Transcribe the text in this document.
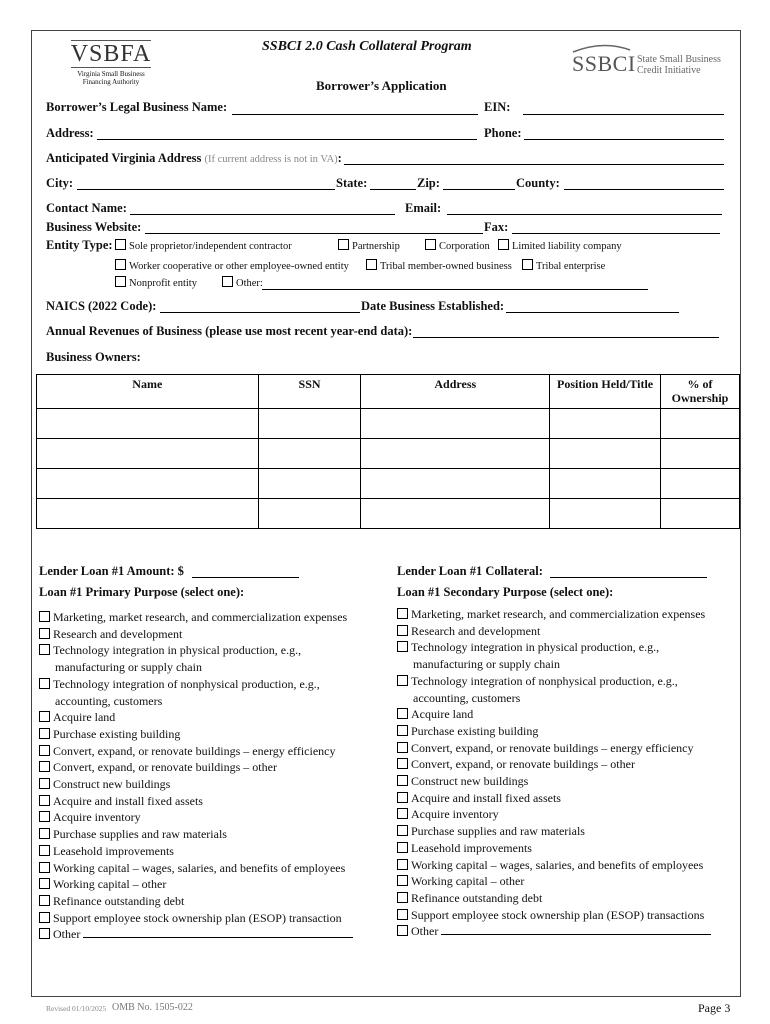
VSBFA
Virginia Small Business
Financing Authority
SSBCI 2.0 Cash Collateral Program
Borrower’s Application
SSBCI State Small Business
Credit Initiative
Borrower’s Legal Business Name:	EIN:
Address:	Phone:
Anticipated Virginia Address (If current address is not in VA):
City:	State:	Zip:	County:
Contact Name:	Email:
Business Website:	Fax:
Entity Type:	Sole proprietor/independent contractor	Partnership	Corporation	Limited liability company
Worker cooperative or other employee-owned entity	Tribal member-owned business	Tribal enterprise
Nonprofit entity	Other:
NAICS (2022 Code):	Date Business Established:
Annual Revenues of Business (please use most recent year-end data):
Business Owners:
Name	SSN	Address	Position Held/Title	% of Ownership

Lender Loan #1 Amount: $	Lender Loan #1 Collateral:
Loan #1 Primary Purpose (select one):	Loan #1 Secondary Purpose (select one):
Marketing, market research, and commercialization expenses
Research and development
Technology integration in physical production, e.g.,
manufacturing or supply chain
Technology integration of nonphysical production, e.g.,
accounting, customers
Acquire land
Purchase existing building
Convert, expand, or renovate buildings – energy efficiency
Convert, expand, or renovate buildings – other
Construct new buildings
Acquire and install fixed assets
Acquire inventory
Purchase supplies and raw materials
Leasehold improvements
Working capital – wages, salaries, and benefits of employees
Working capital – other
Refinance outstanding debt
Support employee stock ownership plan (ESOP) transaction
Other
Marketing, market research, and commercialization expenses
Research and development
Technology integration in physical production, e.g.,
manufacturing or supply chain
Technology integration of nonphysical production, e.g.,
accounting, customers
Acquire land
Purchase existing building
Convert, expand, or renovate buildings – energy efficiency
Convert, expand, or renovate buildings – other
Construct new buildings
Acquire and install fixed assets
Acquire inventory
Purchase supplies and raw materials
Leasehold improvements
Working capital – wages, salaries, and benefits of employees
Working capital – other
Refinance outstanding debt
Support employee stock ownership plan (ESOP) transactions
Other
Revised 01/10/2025 OMB No. 1505-022	Page 3
